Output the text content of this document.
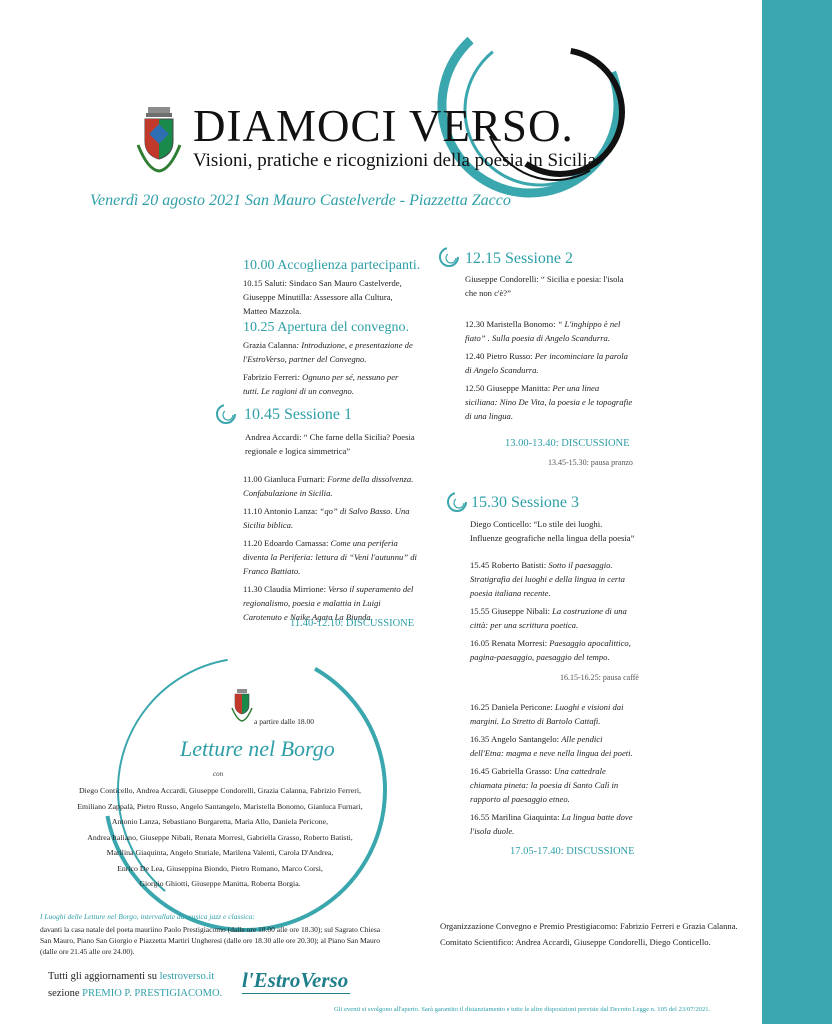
DIAMOCI VERSO.
Visioni, pratiche e ricognizioni della poesia in Sicilia
Venerdì 20 agosto 2021 San Mauro Castelverde - Piazzetta Zacco
10.00 Accoglienza partecipanti.
10.15 Saluti: Sindaco San Mauro Castelverde,
Giuseppe Minutilla: Assessore alla Cultura, Matteo Mazzola.
10.25 Apertura del convegno.
Grazia Calanna: Introduzione, e presentazione de l'EstroVerso, partner del Convegno.
Fabrizio Ferreri: Ognuno per sé, nessuno per tutti. Le ragioni di un convegno.
10.45 Sessione 1
Andrea Accardi: “ Che farne della Sicilia? Poesia regionale e logica simmetrica”
11.00 Gianluca Furnari: Forme della dissolvenza. Confabulazione in Sicilia.
11.10 Antonio Lanza: “qo” di Salvo Basso. Una Sicilia biblica.
11.20 Edoardo Camassa: Come una periferia diventa la Periferia: lettura di “Veni l'autunnu” di Franco Battiato.
11.30 Claudia Mirrione: Verso il superamento del regionalismo, poesia e malattia in Luigi Carotenuto e Naike Agata La Biunda.
11.40-12.10: DISCUSSIONE
12.15 Sessione 2
Giuseppe Condorelli: “ Sicilia e poesia: l'isola che non c'è?”
12.30 Maristella Bonomo: “ L'inghippo è nel fiato” . Sulla poesia di Angelo Scandurra.
12.40 Pietro Russo: Per incominciare la parola di Angelo Scandurra.
12.50 Giuseppe Manitta: Per una linea siciliana: Nino De Vita, la poesia e le topografie di una lingua.
13.00-13.40: DISCUSSIONE
13.45-15.30: pausa pranzo
15.30 Sessione 3
Diego Conticello: “Lo stile dei luoghi. Influenze geografiche nella lingua della poesia”
15.45 Roberto Batisti: Sotto il paesaggio. Stratigrafia dei luoghi e della lingua in certa poesia italiana recente.
15.55 Giuseppe Nibali: La costruzione di una città: per una scrittura poetica.
16.05 Renata Morresi: Paesaggio apocalittico, pagina-paesaggio, paesaggio del tempo.
16.15-16.25: pausa caffè
16.25 Daniela Pericone: Luoghi e visioni dai margini. Lo Stretto di Bartolo Cattafi.
16.35 Angelo Santangelo: Alle pendici dell'Etna: magma e neve nella lingua dei poeti.
16.45 Gabriella Grasso: Una cattedrale chiamata pineta: la poesia di Santo Calì in rapporto al paesaggio etneo.
16.55 Marilina Giaquinta: La lingua batte dove l'isola duole.
17.05-17.40: DISCUSSIONE
a partire dalle 18.00
Letture nel Borgo
con
Diego Conticello, Andrea Accardi, Giuseppe Condorelli, Grazia Calanna, Fabrizio Ferreri,
Emiliano Zappalà, Pietro Russo, Angelo Santangelo, Maristella Bonomo, Gianluca Furnari,
Antonio Lanza, Sebastiano Burgaretta, Maria Allo, Daniela Pericone,
Andrea Italiano, Giuseppe Nibali, Renata Morresi, Gabriella Grasso, Roberto Batisti,
Marilina Giaquinta, Angelo Sturiale, Marilena Valenti, Carola D'Andrea,
Enrico De Lea, Giuseppina Biondo, Pietro Romano, Marco Corsi,
Giorgio Ghiotti, Giuseppe Manitta, Roberta Borgia.
I Luoghi delle Letture nel Borgo, intervallate da musica jazz e classica:
davanti la casa natale del poeta mauriino Paolo Prestigiacomo (dalle ore 18.00 alle ore 18.30); sul Sagrato Chiesa San Mauro, Piano San Giorgio e Piazzetta Martiri Ungheresi (dalle ore 18.30 alle ore 20.30); al Piano San Mauro (dalle ore 21.45 alle ore 24.00).
Organizzazione Convegno e Premio Prestigiacomo: Fabrizio Ferreri e Grazia Calanna.
Comitato Scientifico: Andrea Accardi, Giuseppe Condorelli, Diego Conticello.
Tutti gli aggiornamenti su lestroverso.it
sezione PREMIO P. PRESTIGIACOMO.
l'EstroVerso
Gli eventi si svolgono all'aperto. Sarà garantito il distanziamento e tutte le altre disposizioni previste dal Decreto Legge n. 105 del 23/07/2021.
